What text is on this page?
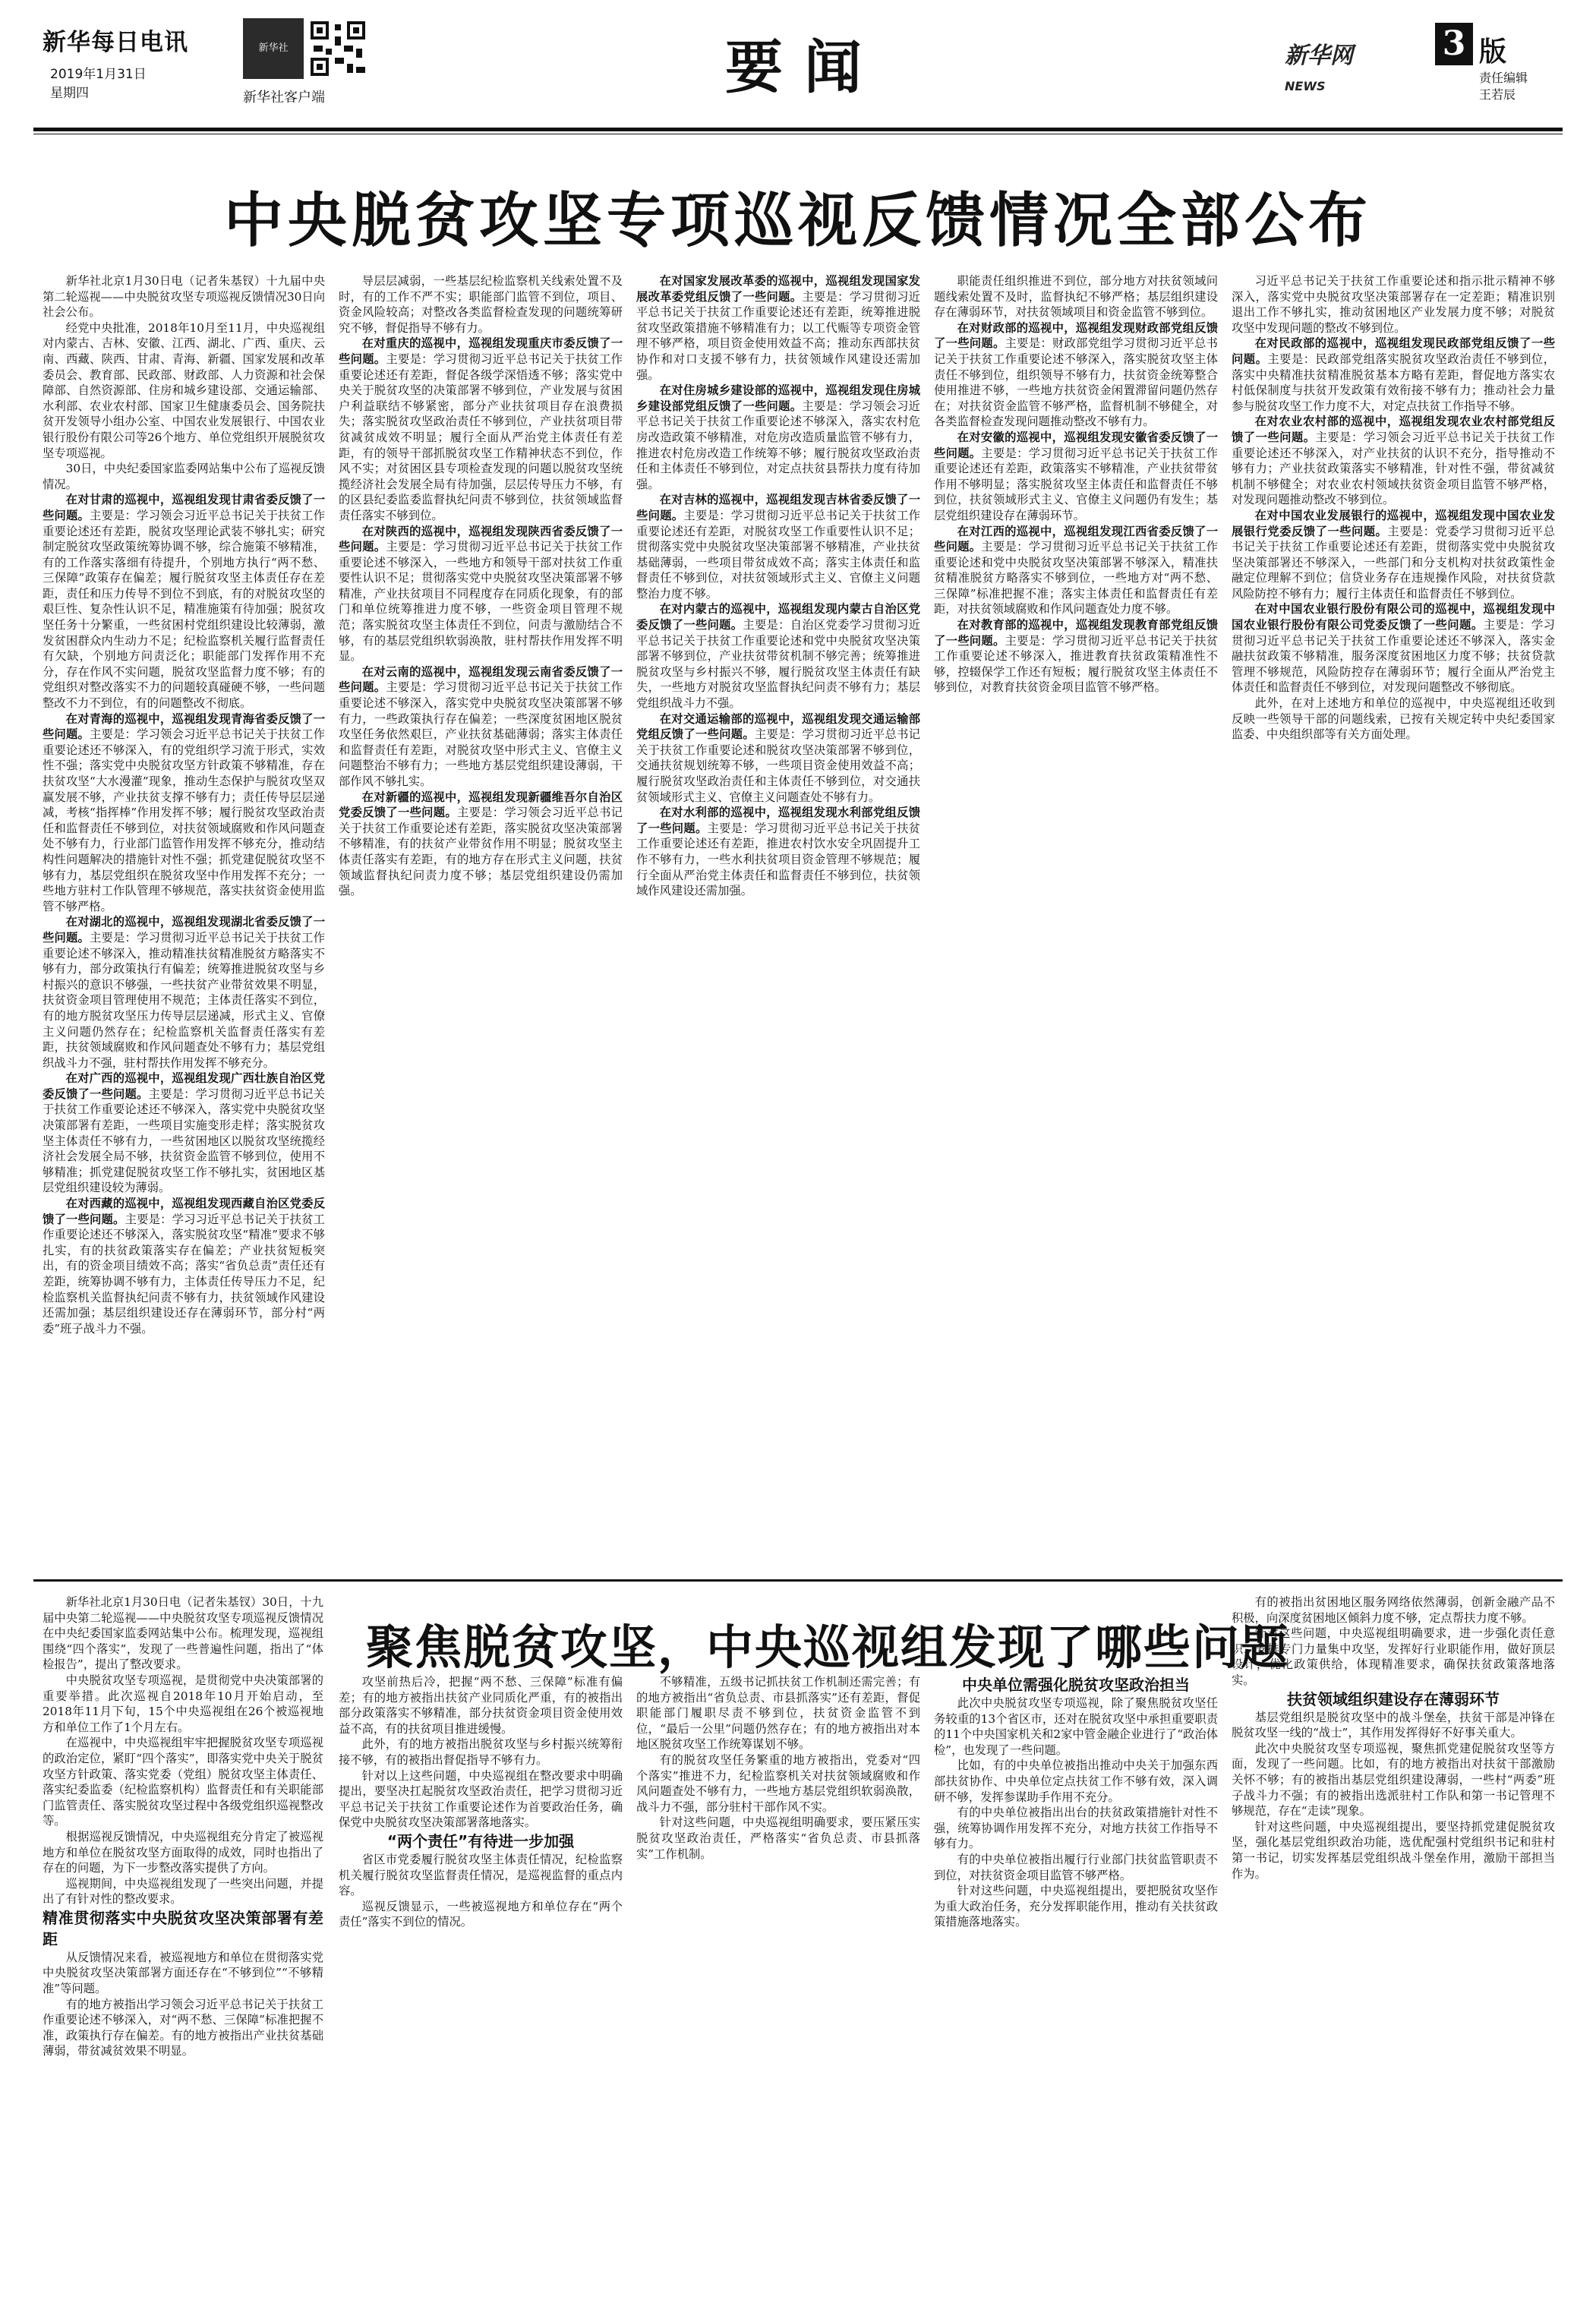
新华每日电讯
2019年1月31日
星期四
新华社
新华社客户端	要闻	新华网
NEWS
3 版
责任编辑
王若辰
中央脱贫攻坚专项巡视反馈情况全部公布

新华社北京1月30日电（记者朱基钗）十九届中央第二轮巡视——中央脱贫攻坚专项巡视反馈情况30日向社会公布。

经党中央批准，2018年10月至11月，中央巡视组对内蒙古、吉林、安徽、江西、湖北、广西、重庆、云南、西藏、陕西、甘肃、青海、新疆、国家发展和改革委员会、教育部、民政部、财政部、人力资源和社会保障部、自然资源部、住房和城乡建设部、交通运输部、水利部、农业农村部、国家卫生健康委员会、国务院扶贫开发领导小组办公室、中国农业发展银行、中国农业银行股份有限公司等26个地方、单位党组织开展脱贫攻坚专项巡视。

30日，中央纪委国家监委网站集中公布了巡视反馈情况。

在对甘肃的巡视中，巡视组发现甘肃省委反馈了一些问题。主要是：学习领会习近平总书记关于扶贫工作重要论述还有差距，脱贫攻坚理论武装不够扎实；研究制定脱贫攻坚政策统筹协调不够，综合施策不够精准，有的工作落实落细有待提升，个别地方执行“两不愁、三保障”政策存在偏差；履行脱贫攻坚主体责任存在差距，责任和压力传导不到位不到底，有的对脱贫攻坚的艰巨性、复杂性认识不足，精准施策有待加强；脱贫攻坚任务十分繁重，一些贫困村党组织建设比较薄弱，激发贫困群众内生动力不足；纪检监察机关履行监督责任有欠缺，个别地方问责泛化；职能部门发挥作用不充分，存在作风不实问题，脱贫攻坚监督力度不够；有的党组织对整改落实不力的问题较真碰硬不够，一些问题整改不力不到位，有的问题整改不彻底。

在对青海的巡视中，巡视组发现青海省委反馈了一些问题。主要是：学习领会习近平总书记关于扶贫工作重要论述还不够深入，有的党组织学习流于形式，实效性不强；落实党中央脱贫攻坚方针政策不够精准，存在扶贫攻坚“大水漫灌”现象，推动生态保护与脱贫攻坚双赢发展不够，产业扶贫支撑不够有力；责任传导层层递减，考核“指挥棒”作用发挥不够；履行脱贫攻坚政治责任和监督责任不够到位，对扶贫领域腐败和作风问题查处不够有力，行业部门监管作用发挥不够充分，推动结构性问题解决的措施针对性不强；抓党建促脱贫攻坚不够有力，基层党组织在脱贫攻坚中作用发挥不充分；一些地方驻村工作队管理不够规范，落实扶贫资金使用监管不够严格。

在对湖北的巡视中，巡视组发现湖北省委反馈了一些问题。主要是：学习贯彻习近平总书记关于扶贫工作重要论述不够深入，推动精准扶贫精准脱贫方略落实不够有力，部分政策执行有偏差；统筹推进脱贫攻坚与乡村振兴的意识不够强，一些扶贫产业带贫效果不明显，扶贫资金项目管理使用不规范；主体责任落实不到位，有的地方脱贫攻坚压力传导层层递减，形式主义、官僚主义问题仍然存在；纪检监察机关监督责任落实有差距，扶贫领域腐败和作风问题查处不够有力；基层党组织战斗力不强，驻村帮扶作用发挥不够充分。

在对广西的巡视中，巡视组发现广西壮族自治区党委反馈了一些问题。主要是：学习贯彻习近平总书记关于扶贫工作重要论述还不够深入，落实党中央脱贫攻坚决策部署有差距，一些项目实施变形走样；落实脱贫攻坚主体责任不够有力，一些贫困地区以脱贫攻坚统揽经济社会发展全局不够，扶贫资金监管不够到位，使用不够精准；抓党建促脱贫攻坚工作不够扎实，贫困地区基层党组织建设较为薄弱。

在对西藏的巡视中，巡视组发现西藏自治区党委反馈了一些问题。主要是：学习习近平总书记关于扶贫工作重要论述还不够深入，落实脱贫攻坚“精准”要求不够扎实，有的扶贫政策落实存在偏差；产业扶贫短板突出，有的资金项目绩效不高；落实“省负总责”责任还有差距，统筹协调不够有力，主体责任传导压力不足，纪检监察机关监督执纪问责不够有力，扶贫领域作风建设还需加强；基层组织建设还存在薄弱环节，部分村“两委”班子战斗力不强。

导层层减弱，一些基层纪检监察机关线索处置不及时，有的工作不严不实；职能部门监管不到位，项目、资金风险较高；对整改各类监督检查发现的问题统筹研究不够，督促指导不够有力。

在对重庆的巡视中，巡视组发现重庆市委反馈了一些问题。主要是：学习贯彻习近平总书记关于扶贫工作重要论述还有差距，督促各级学深悟透不够；落实党中央关于脱贫攻坚的决策部署不够到位，产业发展与贫困户利益联结不够紧密，部分产业扶贫项目存在浪费损失；落实脱贫攻坚政治责任不够到位，产业扶贫项目带贫减贫成效不明显；履行全面从严治党主体责任有差距，有的领导干部抓脱贫攻坚工作精神状态不到位，作风不实；对贫困区县专项检查发现的问题以脱贫攻坚统揽经济社会发展全局有待加强，层层传导压力不够，有的区县纪委监委监督执纪问责不够到位，扶贫领域监督责任落实不够到位。

在对陕西的巡视中，巡视组发现陕西省委反馈了一些问题。主要是：学习贯彻习近平总书记关于扶贫工作重要论述不够深入，一些地方和领导干部对扶贫工作重要性认识不足；贯彻落实党中央脱贫攻坚决策部署不够精准，产业扶贫项目不同程度存在同质化现象，有的部门和单位统筹推进力度不够，一些资金项目管理不规范；落实脱贫攻坚主体责任不到位，问责与激励结合不够，有的基层党组织软弱涣散，驻村帮扶作用发挥不明显。

在对云南的巡视中，巡视组发现云南省委反馈了一些问题。主要是：学习贯彻习近平总书记关于扶贫工作重要论述不够深入，落实党中央脱贫攻坚决策部署不够有力，一些政策执行存在偏差；一些深度贫困地区脱贫攻坚任务依然艰巨，产业扶贫基础薄弱；落实主体责任和监督责任有差距，对脱贫攻坚中形式主义、官僚主义问题整治不够有力；一些地方基层党组织建设薄弱，干部作风不够扎实。

在对新疆的巡视中，巡视组发现新疆维吾尔自治区党委反馈了一些问题。主要是：学习领会习近平总书记关于扶贫工作重要论述有差距，落实脱贫攻坚决策部署不够精准，有的扶贫产业带贫作用不明显；脱贫攻坚主体责任落实有差距，有的地方存在形式主义问题，扶贫领域监督执纪问责力度不够；基层党组织建设仍需加强。

在对国家发展改革委的巡视中，巡视组发现国家发展改革委党组反馈了一些问题。主要是：学习贯彻习近平总书记关于扶贫工作重要论述还有差距，统筹推进脱贫攻坚政策措施不够精准有力；以工代赈等专项资金管理不够严格，项目资金使用效益不高；推动东西部扶贫协作和对口支援不够有力，扶贫领域作风建设还需加强。

在对住房城乡建设部的巡视中，巡视组发现住房城乡建设部党组反馈了一些问题。主要是：学习领会习近平总书记关于扶贫工作重要论述不够深入，落实农村危房改造政策不够精准，对危房改造质量监管不够有力，推进农村危房改造工作统筹不够；履行脱贫攻坚政治责任和主体责任不够到位，对定点扶贫县帮扶力度有待加强。

在对吉林的巡视中，巡视组发现吉林省委反馈了一些问题。主要是：学习贯彻习近平总书记关于扶贫工作重要论述还有差距，对脱贫攻坚工作重要性认识不足；贯彻落实党中央脱贫攻坚决策部署不够精准，产业扶贫基础薄弱，一些项目带贫成效不高；落实主体责任和监督责任不够到位，对扶贫领域形式主义、官僚主义问题整治力度不够。

在对内蒙古的巡视中，巡视组发现内蒙古自治区党委反馈了一些问题。主要是：自治区党委学习贯彻习近平总书记关于扶贫工作重要论述和党中央脱贫攻坚决策部署不够到位，产业扶贫带贫机制不够完善；统筹推进脱贫攻坚与乡村振兴不够，履行脱贫攻坚主体责任有缺失，一些地方对脱贫攻坚监督执纪问责不够有力；基层党组织战斗力不强。

在对交通运输部的巡视中，巡视组发现交通运输部党组反馈了一些问题。主要是：学习贯彻习近平总书记关于扶贫工作重要论述和脱贫攻坚决策部署不够到位，交通扶贫规划统筹不够，一些项目资金使用效益不高；履行脱贫攻坚政治责任和主体责任不够到位，对交通扶贫领域形式主义、官僚主义问题查处不够有力。

在对水利部的巡视中，巡视组发现水利部党组反馈了一些问题。主要是：学习贯彻习近平总书记关于扶贫工作重要论述还有差距，推进农村饮水安全巩固提升工作不够有力，一些水利扶贫项目资金管理不够规范；履行全面从严治党主体责任和监督责任不够到位，扶贫领域作风建设还需加强。

职能责任组织推进不到位，部分地方对扶贫领域问题线索处置不及时，监督执纪不够严格；基层组织建设存在薄弱环节，对扶贫领域项目和资金监管不够到位。

在对财政部的巡视中，巡视组发现财政部党组反馈了一些问题。主要是：财政部党组学习贯彻习近平总书记关于扶贫工作重要论述不够深入，落实脱贫攻坚主体责任不够到位，组织领导不够有力，扶贫资金统筹整合使用推进不够，一些地方扶贫资金闲置滞留问题仍然存在；对扶贫资金监管不够严格，监督机制不够健全，对各类监督检查发现问题推动整改不够有力。

在对安徽的巡视中，巡视组发现安徽省委反馈了一些问题。主要是：学习贯彻习近平总书记关于扶贫工作重要论述还有差距，政策落实不够精准，产业扶贫带贫作用不够明显；落实脱贫攻坚主体责任和监督责任不够到位，扶贫领域形式主义、官僚主义问题仍有发生；基层党组织建设存在薄弱环节。

在对江西的巡视中，巡视组发现江西省委反馈了一些问题。主要是：学习贯彻习近平总书记关于扶贫工作重要论述和党中央脱贫攻坚决策部署不够深入，精准扶贫精准脱贫方略落实不够到位，一些地方对“两不愁、三保障”标准把握不准；落实主体责任和监督责任有差距，对扶贫领域腐败和作风问题查处力度不够。

在对教育部的巡视中，巡视组发现教育部党组反馈了一些问题。主要是：学习贯彻习近平总书记关于扶贫工作重要论述不够深入，推进教育扶贫政策精准性不够，控辍保学工作还有短板；履行脱贫攻坚主体责任不够到位，对教育扶贫资金项目监管不够严格。

习近平总书记关于扶贫工作重要论述和指示批示精神不够深入，落实党中央脱贫攻坚决策部署存在一定差距；精准识别退出工作不够扎实，推动贫困地区产业发展力度不够；对脱贫攻坚中发现问题的整改不够到位。

在对民政部的巡视中，巡视组发现民政部党组反馈了一些问题。主要是：民政部党组落实脱贫攻坚政治责任不够到位，落实中央精准扶贫精准脱贫基本方略有差距，督促地方落实农村低保制度与扶贫开发政策有效衔接不够有力；推动社会力量参与脱贫攻坚工作力度不大，对定点扶贫工作指导不够。

在对农业农村部的巡视中，巡视组发现农业农村部党组反馈了一些问题。主要是：学习领会习近平总书记关于扶贫工作重要论述还不够深入，对产业扶贫的认识不充分，指导推动不够有力；产业扶贫政策落实不够精准，针对性不强，带贫减贫机制不够健全；对农业农村领域扶贫资金项目监管不够严格，对发现问题推动整改不够到位。

在对中国农业发展银行的巡视中，巡视组发现中国农业发展银行党委反馈了一些问题。主要是：党委学习贯彻习近平总书记关于扶贫工作重要论述还有差距，贯彻落实党中央脱贫攻坚决策部署还不够深入，一些部门和分支机构对扶贫政策性金融定位理解不到位；信贷业务存在违规操作风险，对扶贫贷款风险防控不够有力；履行主体责任和监督责任不够到位。

在对中国农业银行股份有限公司的巡视中，巡视组发现中国农业银行股份有限公司党委反馈了一些问题。主要是：学习贯彻习近平总书记关于扶贫工作重要论述还不够深入，落实金融扶贫政策不够精准，服务深度贫困地区力度不够；扶贫贷款管理不够规范，风险防控存在薄弱环节；履行全面从严治党主体责任和监督责任不够到位，对发现问题整改不够彻底。

此外，在对上述地方和单位的巡视中，中央巡视组还收到反映一些领导干部的问题线索，已按有关规定转中央纪委国家监委、中央组织部等有关方面处理。

聚焦脱贫攻坚，中央巡视组发现了哪些问题

新华社北京1月30日电（记者朱基钗）30日，十九届中央第二轮巡视——中央脱贫攻坚专项巡视反馈情况在中央纪委国家监委网站集中公布。梳理发现，巡视组围绕“四个落实”，发现了一些普遍性问题，指出了“体检报告”，提出了整改要求。

中央脱贫攻坚专项巡视，是贯彻党中央决策部署的重要举措。此次巡视自2018年10月开始启动，至2018年11月下旬，15个中央巡视组在26个被巡视地方和单位工作了1个月左右。

在巡视中，中央巡视组牢牢把握脱贫攻坚专项巡视的政治定位，紧盯“四个落实”，即落实党中央关于脱贫攻坚方针政策、落实党委（党组）脱贫攻坚主体责任、落实纪委监委（纪检监察机构）监督责任和有关职能部门监管责任、落实脱贫攻坚过程中各级党组织巡视整改等。

根据巡视反馈情况，中央巡视组充分肯定了被巡视地方和单位在脱贫攻坚方面取得的成效，同时也指出了存在的问题，为下一步整改落实提供了方向。

巡视期间，中央巡视组发现了一些突出问题，并提出了有针对性的整改要求。

精准贯彻落实中央脱贫攻坚决策部署有差距

从反馈情况来看，被巡视地方和单位在贯彻落实党中央脱贫攻坚决策部署方面还存在“不够到位”“不够精准”等问题。

有的地方被指出学习领会习近平总书记关于扶贫工作重要论述不够深入，对“两不愁、三保障”标准把握不准，政策执行存在偏差。有的地方被指出产业扶贫基础薄弱，带贫减贫效果不明显。

攻坚前热后冷，把握“两不愁、三保障”标准有偏差；有的地方被指出扶贫产业同质化严重，有的被指出部分政策落实不够精准，部分扶贫资金项目资金使用效益不高，有的扶贫项目推进缓慢。

此外，有的地方被指出脱贫攻坚与乡村振兴统筹衔接不够，有的被指出督促指导不够有力。

针对以上这些问题，中央巡视组在整改要求中明确提出，要坚决扛起脱贫攻坚政治责任，把学习贯彻习近平总书记关于扶贫工作重要论述作为首要政治任务，确保党中央脱贫攻坚决策部署落地落实。

“两个责任”有待进一步加强

省区市党委履行脱贫攻坚主体责任情况，纪检监察机关履行脱贫攻坚监督责任情况，是巡视监督的重点内容。

巡视反馈显示，一些被巡视地方和单位存在“两个责任”落实不到位的情况。

不够精准，五级书记抓扶贫工作机制还需完善；有的地方被指出“省负总责、市县抓落实”还有差距，督促职能部门履职尽责不够到位，扶贫资金监管不到位，“最后一公里”问题仍然存在；有的地方被指出对本地区脱贫攻坚工作统筹谋划不够。

有的脱贫攻坚任务繁重的地方被指出，党委对“四个落实”推进不力，纪检监察机关对扶贫领域腐败和作风问题查处不够有力，一些地方基层党组织软弱涣散，战斗力不强，部分驻村干部作风不实。

针对这些问题，中央巡视组明确要求，要压紧压实脱贫攻坚政治责任，严格落实“省负总责、市县抓落实”工作机制。

中央单位需强化脱贫攻坚政治担当

此次中央脱贫攻坚专项巡视，除了聚焦脱贫攻坚任务较重的13个省区市，还对在脱贫攻坚中承担重要职责的11个中央国家机关和2家中管金融企业进行了“政治体检”，也发现了一些问题。

比如，有的中央单位被指出推动中央关于加强东西部扶贫协作、中央单位定点扶贫工作不够有效，深入调研不够，发挥参谋助手作用不充分。

有的中央单位被指出出台的扶贫政策措施针对性不强，统筹协调作用发挥不充分，对地方扶贫工作指导不够有力。

有的中央单位被指出履行行业部门扶贫监管职责不到位，对扶贫资金项目监管不够严格。

针对这些问题，中央巡视组提出，要把脱贫攻坚作为重大政治任务，充分发挥职能作用，推动有关扶贫政策措施落地落实。

有的被指出贫困地区服务网络依然薄弱，创新金融产品不积极，向深度贫困地区倾斜力度不够，定点帮扶力度不够。

针对这些问题，中央巡视组明确要求，进一步强化责任意识，安排专门力量集中攻坚，发挥好行业职能作用，做好顶层设计，优化政策供给，体现精准要求，确保扶贫政策落地落实。

扶贫领域组织建设存在薄弱环节

基层党组织是脱贫攻坚中的战斗堡垒，扶贫干部是冲锋在脱贫攻坚一线的“战士”，其作用发挥得好不好事关重大。

此次中央脱贫攻坚专项巡视，聚焦抓党建促脱贫攻坚等方面，发现了一些问题。比如，有的地方被指出对扶贫干部激励关怀不够；有的被指出基层党组织建设薄弱，一些村“两委”班子战斗力不强；有的被指出选派驻村工作队和第一书记管理不够规范，存在“走读”现象。

针对这些问题，中央巡视组提出，要坚持抓党建促脱贫攻坚，强化基层党组织政治功能，选优配强村党组织书记和驻村第一书记，切实发挥基层党组织战斗堡垒作用，激励干部担当作为。
